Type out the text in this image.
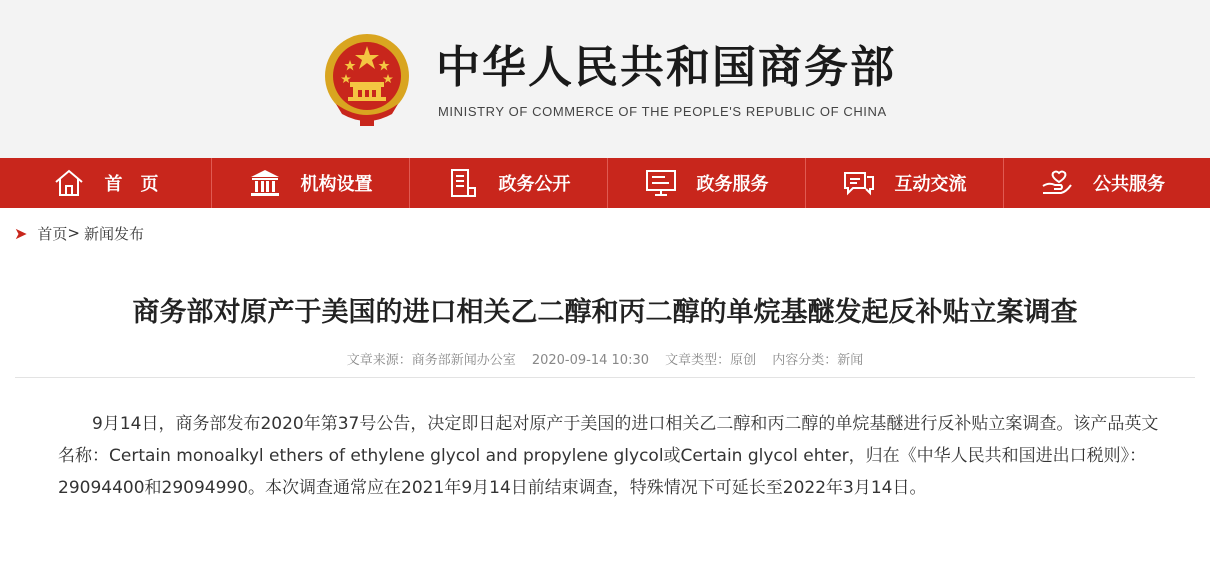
中华人民共和国商务部
MINISTRY OF COMMERCE OF THE PEOPLE'S REPUBLIC OF CHINA
首　页	机构设置	政务公开	政务服务	互动交流	公共服务
➤ 首页 > 新闻发布
商务部对原产于美国的进口相关乙二醇和丙二醇的单烷基醚发起反补贴立案调查
文章来源：商务部新闻办公室 2020-09-14 10:30 文章类型：原创 内容分类：新闻
9月14日，商务部发布2020年第37号公告，决定即日起对原产于美国的进口相关乙二醇和丙二醇的单烷基醚进行反补贴立案调查。该产品英文名称：Certain monoalkyl ethers of ethylene glycol and propylene glycol或Certain glycol ehter，归在《中华人民共和国进出口税则》：29094400和29094990。本次调查通常应在2021年9月14日前结束调查，特殊情况下可延长至2022年3月14日。
